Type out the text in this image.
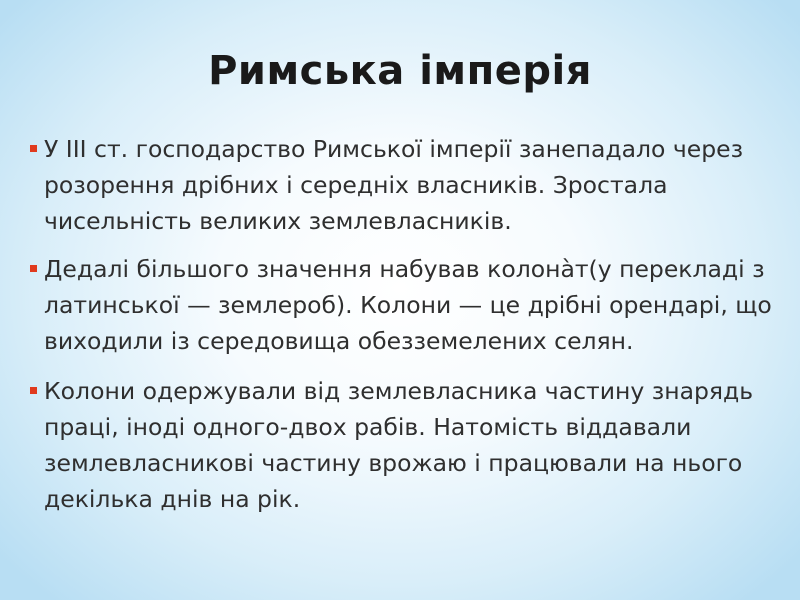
Римська імперія
У ІІІ ст. господарство Римської імперії занепадало через розорення дрібних і середніх власників. Зростала чисельність великих землевласників.
Дедалі більшого значення набував колона̀т(у перекладі з латинської — землероб). Колони — це дрібні орендарі, що виходили із середовища обезземелених селян.
Колони одержували від землевласника частину знарядь праці, іноді одного-двох рабів. Натомість віддавали землевласникові частину врожаю і працювали на нього декілька днів на рік.
